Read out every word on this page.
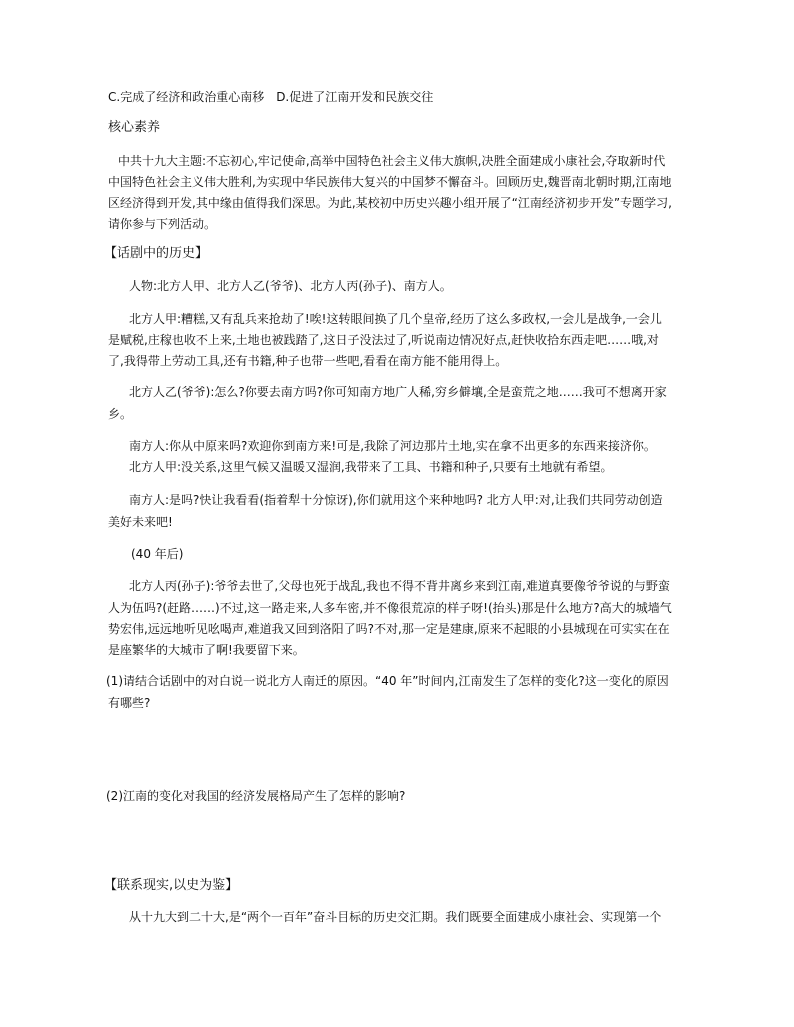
C.完成了经济和政治重心南移　D.促进了江南开发和民族交往
核心素养
中共十九大主题:不忘初心,牢记使命,高举中国特色社会主义伟大旗帜,决胜全面建成小康社会,夺取新时代
中国特色社会主义伟大胜利,为实现中华民族伟大复兴的中国梦不懈奋斗。回顾历史,魏晋南北朝时期,江南地
区经济得到开发,其中缘由值得我们深思。为此,某校初中历史兴趣小组开展了“江南经济初步开发”专题学习,
请你参与下列活动。
【话剧中的历史】
人物:北方人甲、北方人乙(爷爷)、北方人丙(孙子)、南方人。
北方人甲:糟糕,又有乱兵来抢劫了!唉!这转眼间换了几个皇帝,经历了这么多政权,一会儿是战争,一会儿
是赋税,庄稼也收不上来,土地也被践踏了,这日子没法过了,听说南边情况好点,赶快收拾东西走吧……哦,对
了,我得带上劳动工具,还有书籍,种子也带一些吧,看看在南方能不能用得上。
北方人乙(爷爷):怎么?你要去南方吗?你可知南方地广人稀,穷乡僻壤,全是蛮荒之地……我可不想离开家
乡。
南方人:你从中原来吗?欢迎你到南方来!可是,我除了河边那片土地,实在拿不出更多的东西来接济你。
北方人甲:没关系,这里气候又温暖又湿润,我带来了工具、书籍和种子,只要有土地就有希望。
南方人:是吗?快让我看看(指着犁十分惊讶),你们就用这个来种地吗? 北方人甲:对,让我们共同劳动创造
美好未来吧!
(40 年后)
北方人丙(孙子):爷爷去世了,父母也死于战乱,我也不得不背井离乡来到江南,难道真要像爷爷说的与野蛮
人为伍吗?(赶路……)不过,这一路走来,人多车密,并不像很荒凉的样子呀!(抬头)那是什么地方?高大的城墙气
势宏伟,远远地听见吆喝声,难道我又回到洛阳了吗?不对,那一定是建康,原来不起眼的小县城现在可实实在在
是座繁华的大城市了啊!我要留下来。
(1)请结合话剧中的对白说一说北方人南迁的原因。“40 年”时间内,江南发生了怎样的变化?这一变化的原因
有哪些?
(2)江南的变化对我国的经济发展格局产生了怎样的影响?
【联系现实,以史为鉴】
从十九大到二十大,是“两个一百年”奋斗目标的历史交汇期。我们既要全面建成小康社会、实现第一个
